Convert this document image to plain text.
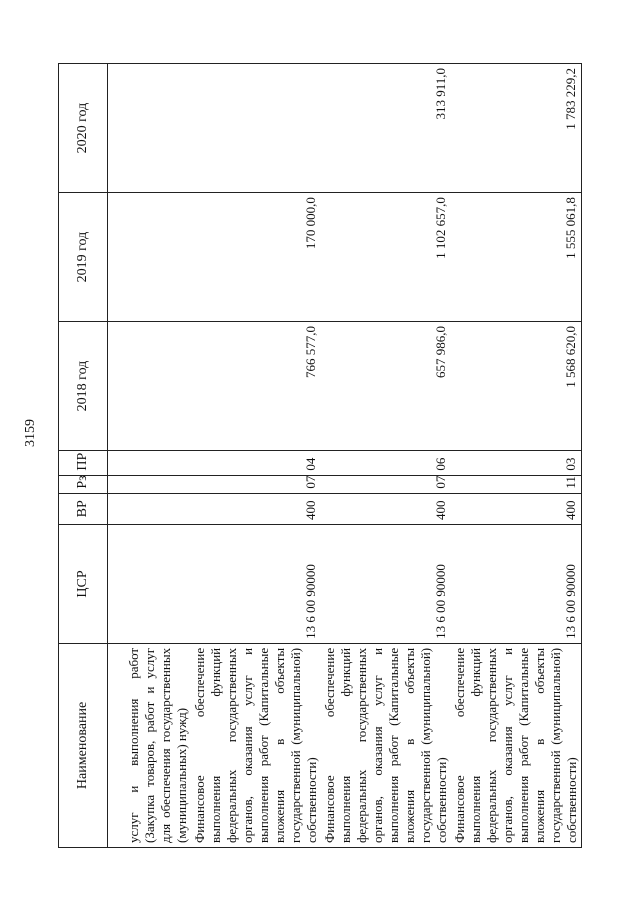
3159
Наименование	ЦСР	ВР	Рз	ПР	2018 год	2019 год	2020 год
услуг и выполнения работ (Закупка товаров, работ и услуг для обеспечения государственных (муниципальных) нужд)							
Финансовое обеспечение выполнения функций федеральных государственных органов, оказания услуг и выполнения работ (Капитальные вложения в объекты государственной (муниципальной) собственности)	13 6 00 90000	400	07	04	766 577,0	170 000,0	
Финансовое обеспечение выполнения функций федеральных государственных органов, оказания услуг и выполнения работ (Капитальные вложения в объекты государственной (муниципальной) собственности)	13 6 00 90000	400	07	06	657 986,0	1 102 657,0	313 911,0
Финансовое обеспечение выполнения функций федеральных государственных органов, оказания услуг и выполнения работ (Капитальные вложения в объекты государственной (муниципальной) собственности)	13 6 00 90000	400	11	03	1 568 620,0	1 555 061,8	1 783 229,2
